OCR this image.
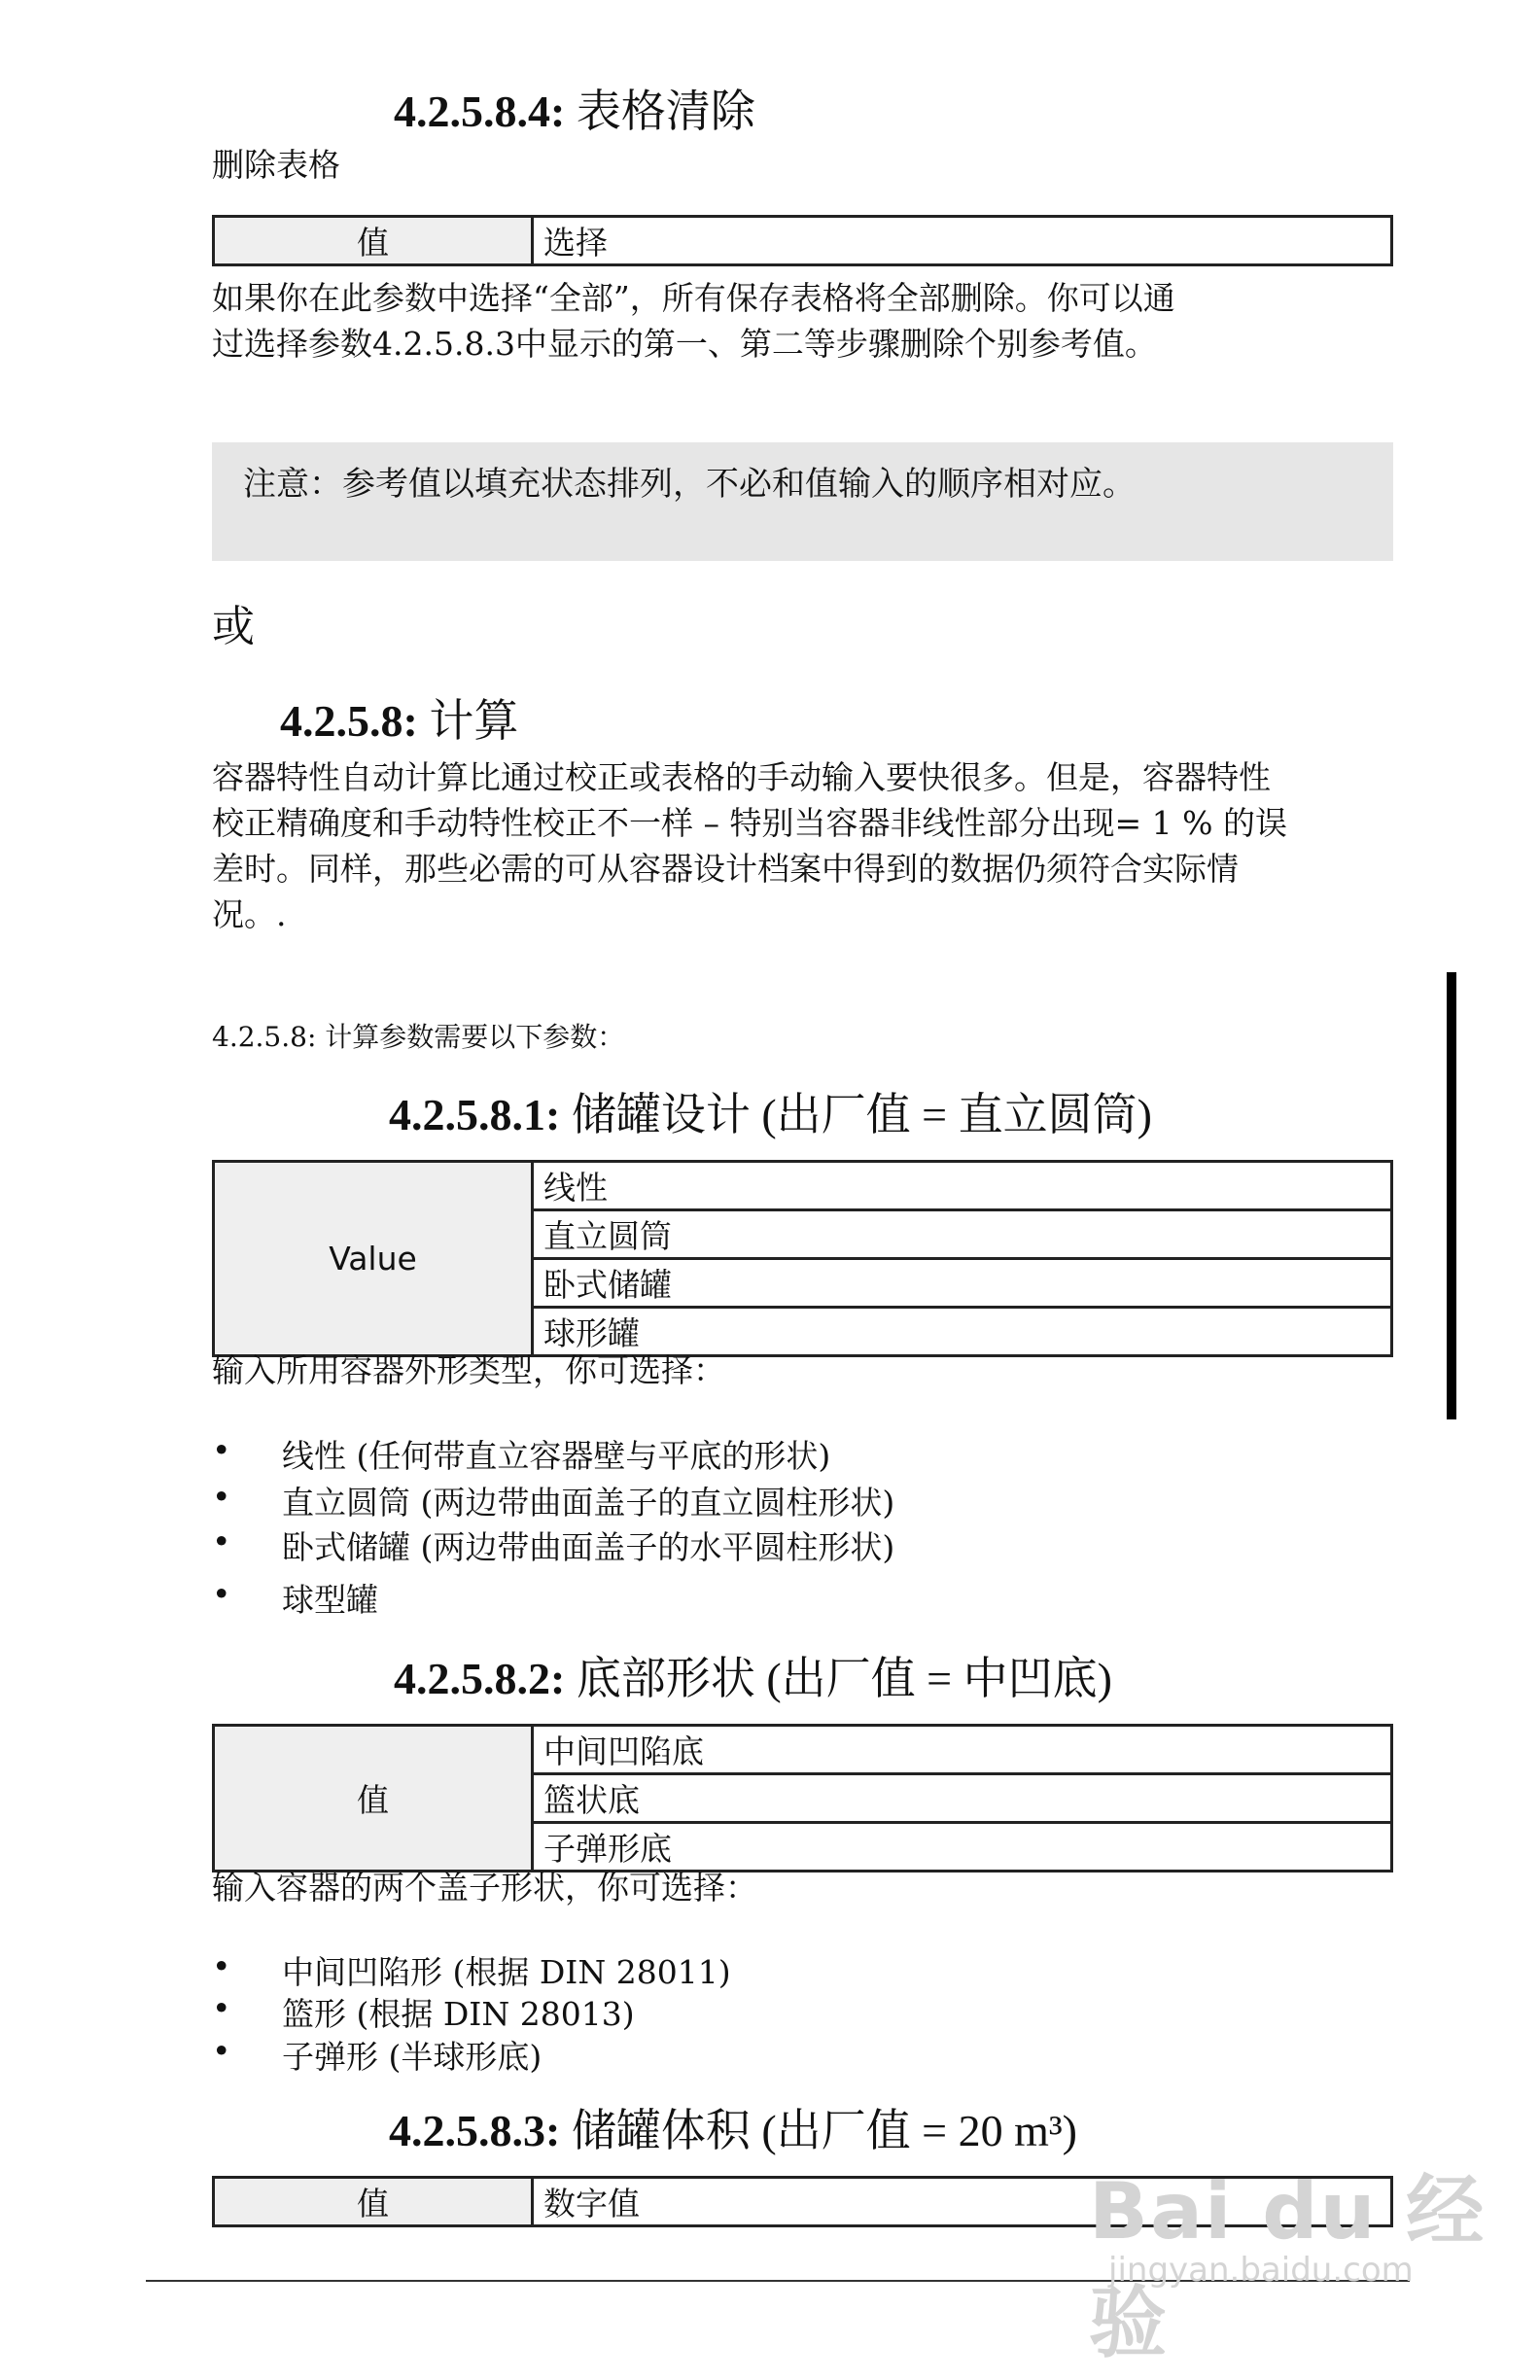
4.2.5.8.4: 表格清除
删除表格
值	选择
如果你在此参数中选择“全部”，所有保存表格将全部删除。你可以通
过选择参数4.2.5.8.3中显示的第一、第二等步骤删除个别参考值。
注意：参考值以填充状态排列，不必和值输入的顺序相对应。
或
4.2.5.8: 计算
容器特性自动计算比通过校正或表格的手动输入要快很多。但是，容器特性
校正精确度和手动特性校正不一样 – 特别当容器非线性部分出现= 1 % 的误
差时。同样，那些必需的可从容器设计档案中得到的数据仍须符合实际情
况。.
4.2.5.8: 计算参数需要以下参数：
4.2.5.8.1: 储罐设计 (出厂值 = 直立圆筒)
Value	线性
直立圆筒
卧式储罐
球形罐
输入所用容器外形类型，你可选择：
• 线性 (任何带直立容器壁与平底的形状)
• 直立圆筒 (两边带曲面盖子的直立圆柱形状)
• 卧式储罐 (两边带曲面盖子的水平圆柱形状)
• 球型罐
4.2.5.8.2: 底部形状 (出厂值 = 中凹底)
值	中间凹陷底
篮状底
子弹形底
输入容器的两个盖子形状，你可选择：
• 中间凹陷形 (根据 DIN 28011)
• 篮形 (根据 DIN 28013)
• 子弹形 (半球形底)
4.2.5.8.3: 储罐体积 (出厂值 = 20 m³)
值	数字值	Bai du 经验
jingyan.baidu.com
